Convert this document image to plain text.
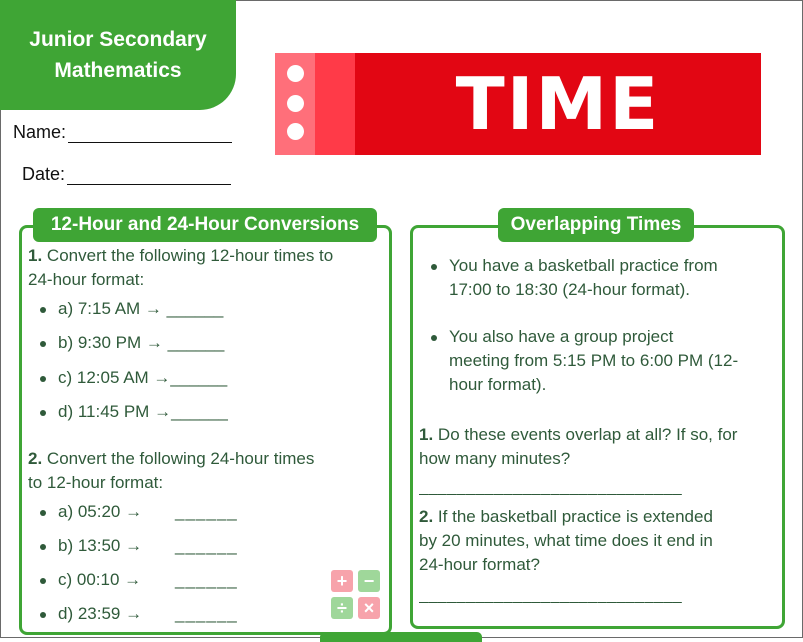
Junior Secondary
Mathematics
Name:
Date:
TIME
12-Hour and 24-Hour Conversions
1. Convert the following 12-hour times to
24-hour format:
a) 7:15 AM → ______
b) 9:30 PM → ______
c) 12:05 AM →______
d) 11:45 PM →______
2. Convert the following 24-hour times
to 12-hour format:
a) 05:20 → ______
b) 13:50 → ______
c) 00:10 → ______
d) 23:59 → ______
+ −
÷ ×
Overlapping Times
You have a basketball practice from
17:00 to 18:30 (24-hour format).
You also have a group project
meeting from 5:15 PM to 6:00 PM (12-
hour format).
1. Do these events overlap at all? If so, for
how many minutes?
____________________________
2. If the basketball practice is extended
by 20 minutes, what time does it end in
24-hour format?
____________________________
